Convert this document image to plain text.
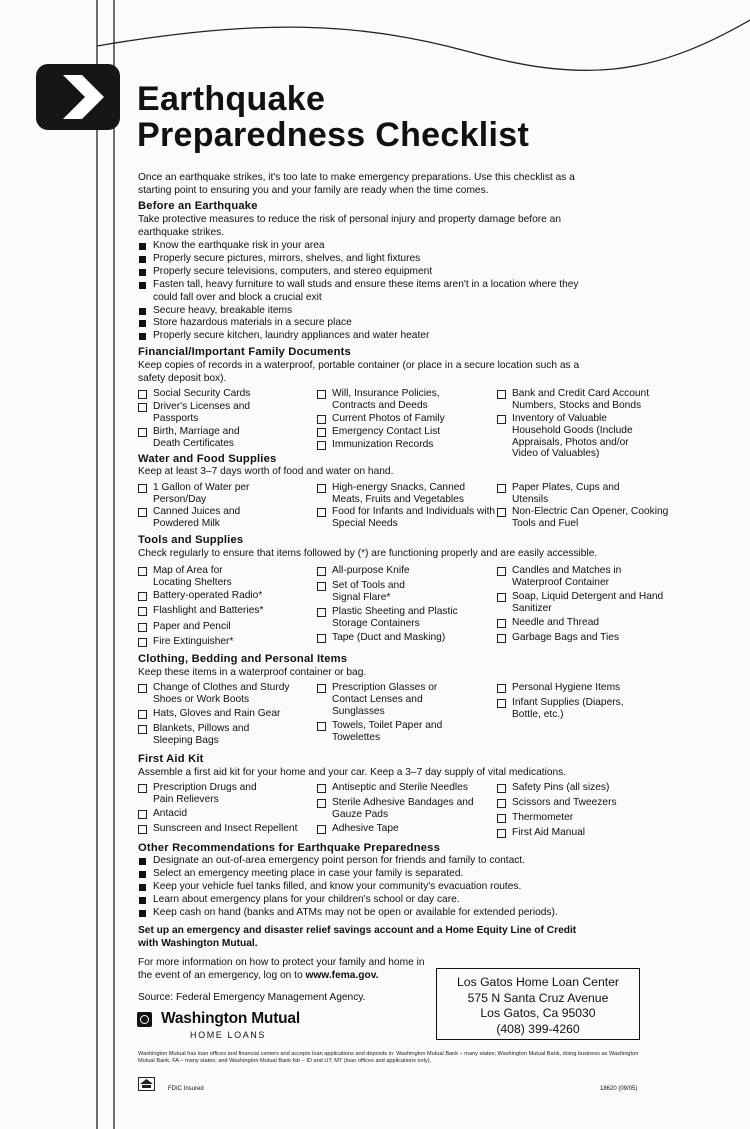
Earthquake
Preparedness Checklist
Once an earthquake strikes, it's too late to make emergency preparations. Use this checklist as a starting point to ensuring you and your family are ready when the time comes.
Before an Earthquake
Take protective measures to reduce the risk of personal injury and property damage before an earthquake strikes.
Know the earthquake risk in your area
Properly secure pictures, mirrors, shelves, and light fixtures
Properly secure televisions, computers, and stereo equipment
Fasten tall, heavy furniture to wall studs and ensure these items aren't in a location where they could fall over and block a crucial exit
Secure heavy, breakable items
Store hazardous materials in a secure place
Properly secure kitchen, laundry appliances and water heater
Financial/Important Family Documents
Keep copies of records in a waterproof, portable container (or place in a secure location such as a safety deposit box).
Social Security Cards
Driver's Licenses and Passports
Birth, Marriage and Death Certificates
Will, Insurance Policies, Contracts and Deeds
Current Photos of Family
Emergency Contact List
Immunization Records
Bank and Credit Card Account Numbers, Stocks and Bonds
Inventory of Valuable Household Goods (Include Appraisals, Photos and/or Video of Valuables)
Water and Food Supplies
Keep at least 3–7 days worth of food and water on hand.
1 Gallon of Water per Person/Day
Canned Juices and Powdered Milk
High-energy Snacks, Canned Meats, Fruits and Vegetables
Food for Infants and Individuals with Special Needs
Paper Plates, Cups and Utensils
Non-Electric Can Opener, Cooking Tools and Fuel
Tools and Supplies
Check regularly to ensure that items followed by (*) are functioning properly and are easily accessible.
Map of Area for Locating Shelters
Battery-operated Radio*
Flashlight and Batteries*
Paper and Pencil
Fire Extinguisher*
All-purpose Knife
Set of Tools and Signal Flare*
Plastic Sheeting and Plastic Storage Containers
Tape (Duct and Masking)
Candles and Matches in Waterproof Container
Soap, Liquid Detergent and Hand Sanitizer
Needle and Thread
Garbage Bags and Ties
Clothing, Bedding and Personal Items
Keep these items in a waterproof container or bag.
Change of Clothes and Sturdy Shoes or Work Boots
Hats, Gloves and Rain Gear
Blankets, Pillows and Sleeping Bags
Prescription Glasses or Contact Lenses and Sunglasses
Towels, Toilet Paper and Towelettes
Personal Hygiene Items
Infant Supplies (Diapers, Bottle, etc.)
First Aid Kit
Assemble a first aid kit for your home and your car. Keep a 3–7 day supply of vital medications.
Prescription Drugs and Pain Relievers
Antacid
Sunscreen and Insect Repellent
Antiseptic and Sterile Needles
Sterile Adhesive Bandages and Gauze Pads
Adhesive Tape
Safety Pins (all sizes)
Scissors and Tweezers
Thermometer
First Aid Manual
Other Recommendations for Earthquake Preparedness
Designate an out-of-area emergency point person for friends and family to contact.
Select an emergency meeting place in case your family is separated.
Keep your vehicle fuel tanks filled, and know your community's evacuation routes.
Learn about emergency plans for your children's school or day care.
Keep cash on hand (banks and ATMs may not be open or available for extended periods).
Set up an emergency and disaster relief savings account and a Home Equity Line of Credit with Washington Mutual.
For more information on how to protect your family and home in the event of an emergency, log on to www.fema.gov.
Source: Federal Emergency Management Agency.
Washington Mutual
HOME LOANS
Los Gatos Home Loan Center
575 N Santa Cruz Avenue
Los Gatos, Ca 95030
(408) 399-4260
Washington Mutual has loan offices and financial centers and accepts loan applications and deposits in: Washington Mutual Bank – many states; Washington Mutual Bank, doing business as Washington Mutual Bank, FA – many states; and Washington Mutual Bank fsb – ID and UT; MT (loan offices and applications only).
FDIC Insured	18620 (09/05)
